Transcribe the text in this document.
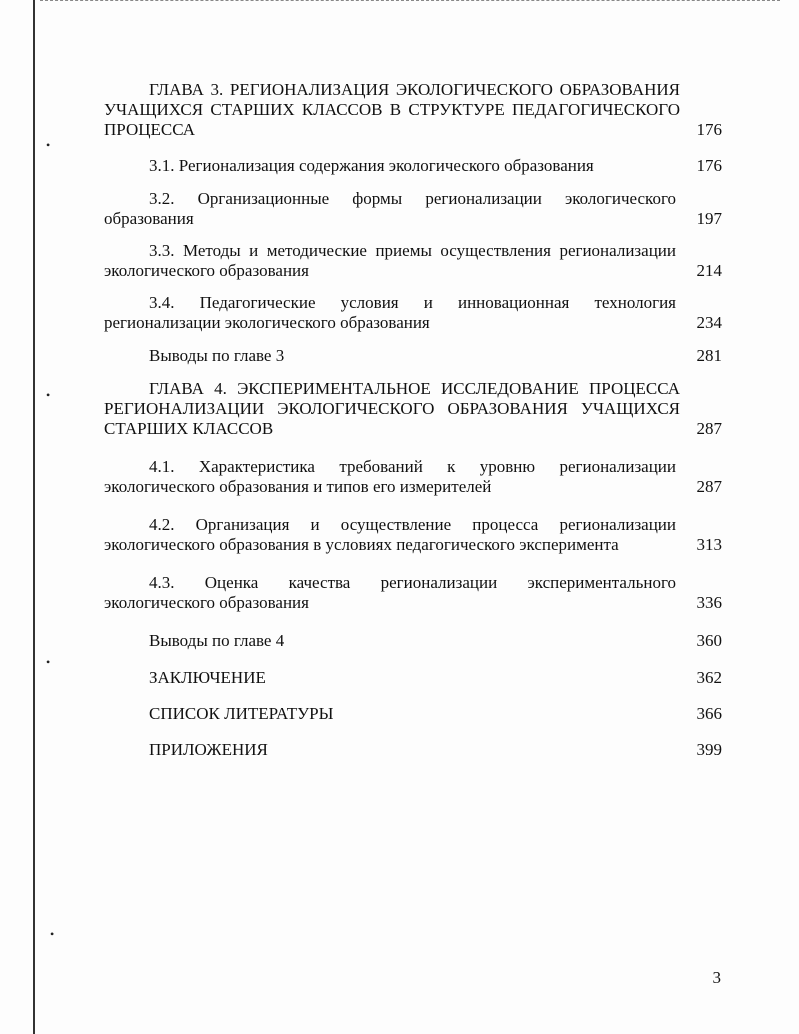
•
•
•
•
ГЛАВА 3. РЕГИОНАЛИЗАЦИЯ ЭКОЛОГИЧЕСКОГО ОБРАЗОВАНИЯ УЧАЩИХСЯ СТАРШИХ КЛАССОВ В СТРУКТУРЕ ПЕДАГОГИЧЕСКОГО ПРОЦЕССА	176
3.1. Регионализация содержания экологического образования	176
3.2. Организационные формы регионализации экологического образования	197
3.3. Методы и методические приемы осуществления регионализации экологического образования	214
3.4. Педагогические условия и инновационная технология регионализации экологического образования	234
Выводы по главе 3	281
ГЛАВА 4. ЭКСПЕРИМЕНТАЛЬНОЕ ИССЛЕДОВАНИЕ ПРОЦЕССА РЕГИОНАЛИЗАЦИИ ЭКОЛОГИЧЕСКОГО ОБРАЗОВАНИЯ УЧАЩИХСЯ СТАРШИХ КЛАССОВ	287
4.1. Характеристика требований к уровню регионализации экологического образования и типов его измерителей	287
4.2. Организация и осуществление процесса регионализации экологического образования в условиях педагогического эксперимента	313
4.3. Оценка качества регионализации экспериментального экологического образования	336
Выводы по главе 4	360
ЗАКЛЮЧЕНИЕ	362
СПИСОК ЛИТЕРАТУРЫ	366
ПРИЛОЖЕНИЯ	399
3
